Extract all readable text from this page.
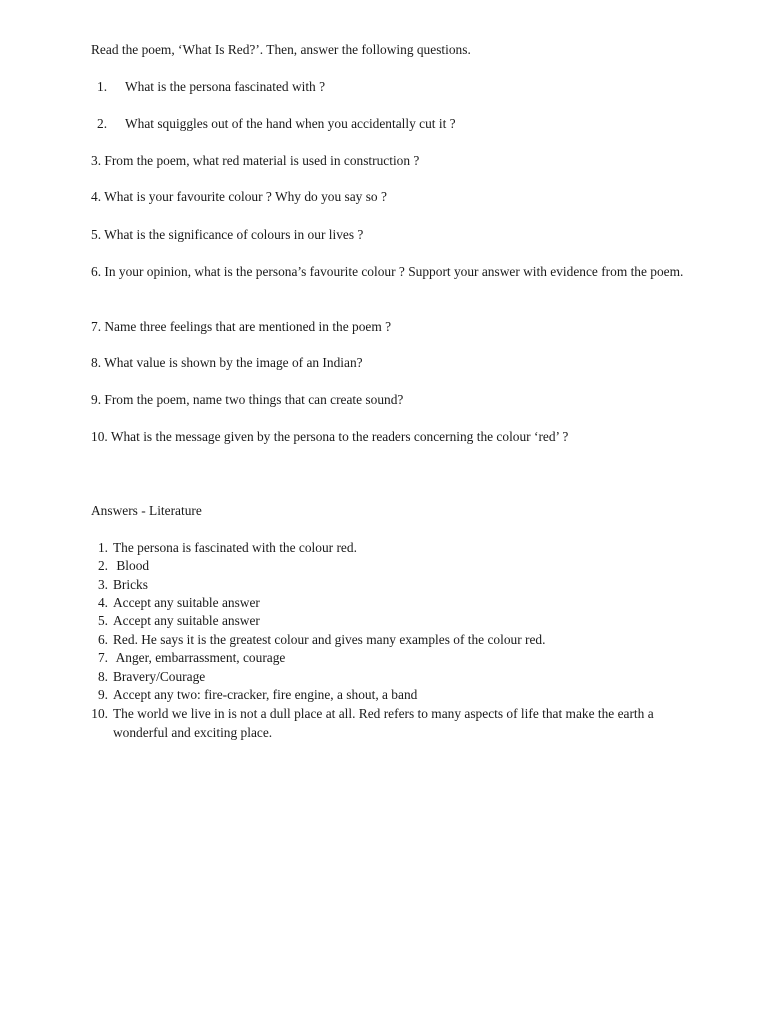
Read the poem, ‘What Is Red?’. Then, answer the following questions.
1. What is the persona fascinated with ?
2. What squiggles out of the hand when you accidentally cut it ?
3. From the poem, what red material is used in construction ?
4. What is your favourite colour ? Why do you say so ?
5. What is the significance of colours in our lives ?
6. In your opinion, what is the persona’s favourite colour ? Support your answer with evidence from the poem.
7. Name three feelings that are mentioned in the poem ?
8. What value is shown by the image of an Indian?
9. From the poem, name two things that can create sound?
10. What is the message given by the persona to the readers concerning the colour ‘red’ ?
Answers - Literature
1. The persona is fascinated with the colour red.
2. Blood
3. Bricks
4. Accept any suitable answer
5. Accept any suitable answer
6. Red. He says it is the greatest colour and gives many examples of the colour red.
7. Anger, embarrassment, courage
8. Bravery/Courage
9. Accept any two: fire-cracker, fire engine, a shout, a band
10. The world we live in is not a dull place at all. Red refers to many aspects of life that make the earth a wonderful and exciting place.
